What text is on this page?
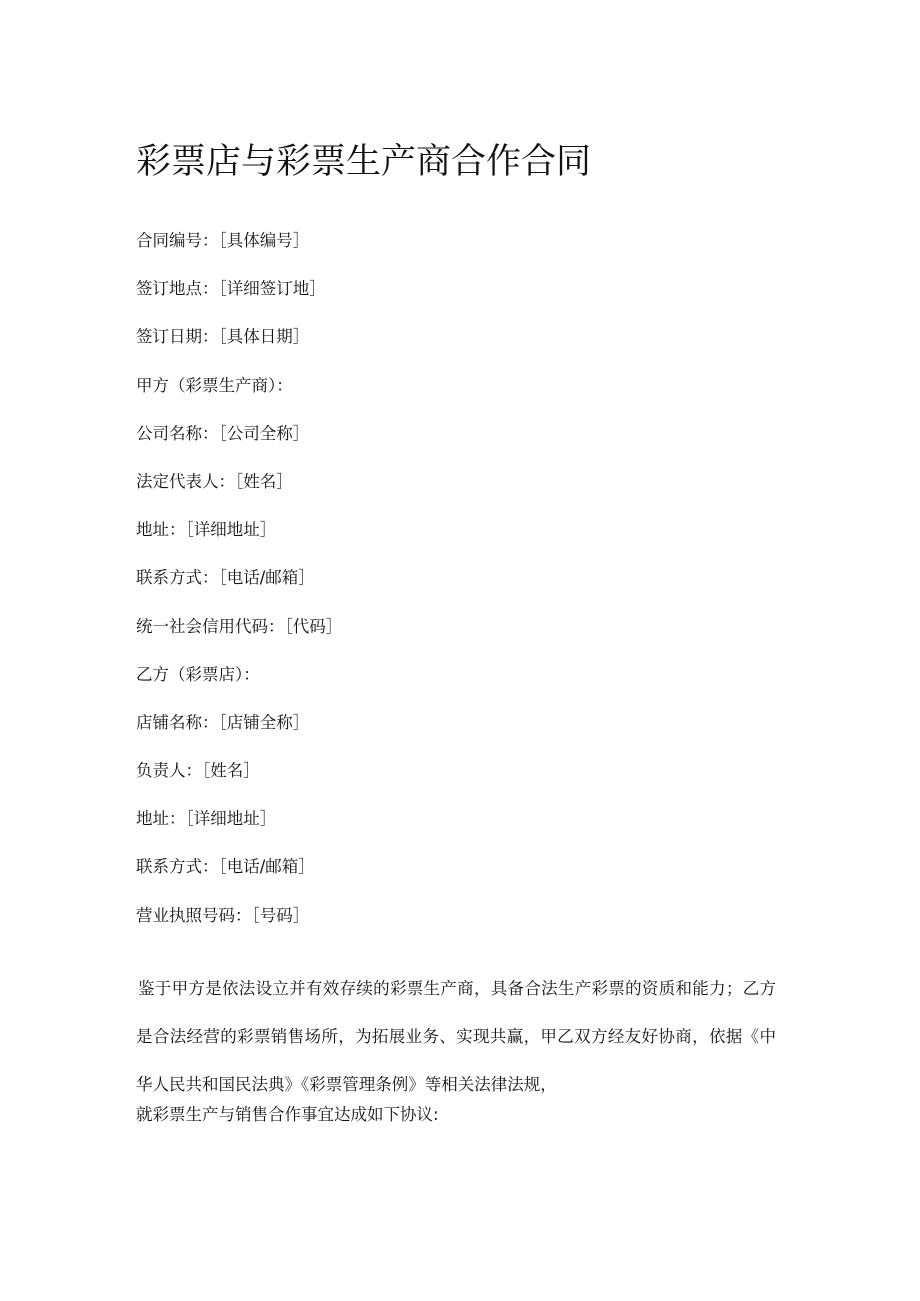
彩票店与彩票生产商合作合同
合同编号：［具体编号］
签订地点：［详细签订地］
签订日期：［具体日期］
甲方（彩票生产商）：
公司名称：［公司全称］
法定代表人：［姓名］
地址：［详细地址］
联系方式：［电话/邮箱］
统一社会信用代码：［代码］
乙方（彩票店）：
店铺名称：［店铺全称］
负责人：［姓名］
地址：［详细地址］
联系方式：［电话/邮箱］
营业执照号码：［号码］

鉴于甲方是依法设立并有效存续的彩票生产商，具备合法生产彩票的资质和能力；乙方是合法经营的彩票销售场所，为拓展业务、实现共赢，甲乙双方经友好协商，依据《中华人民共和国民法典》《彩票管理条例》等相关法律法规，

就彩票生产与销售合作事宜达成如下协议:
